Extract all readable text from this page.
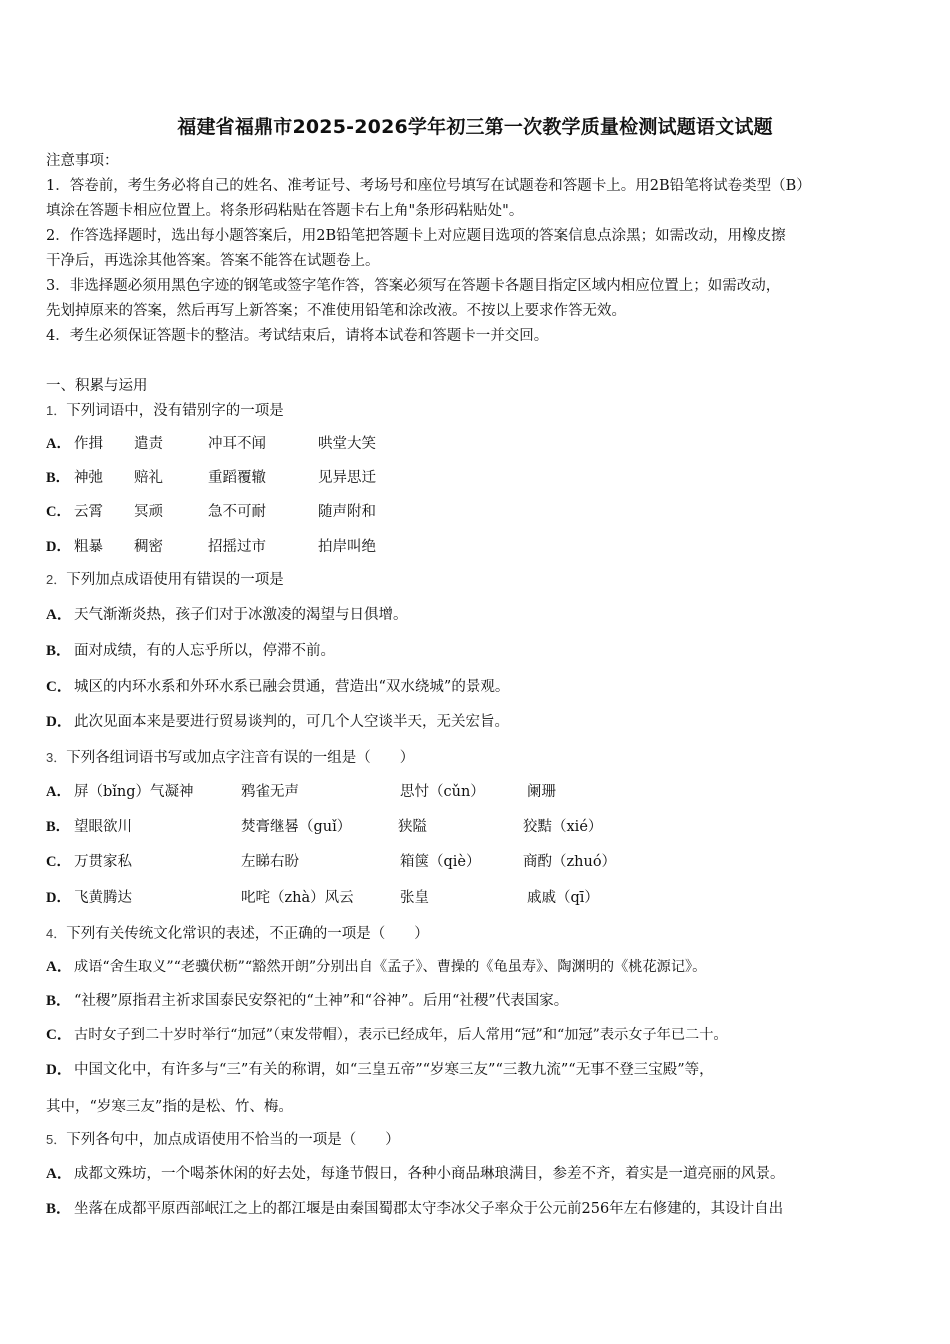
福建省福鼎市2025-2026学年初三第一次教学质量检测试题语文试题
注意事项：
1．答卷前，考生务必将自己的姓名、准考证号、考场号和座位号填写在试题卷和答题卡上。用2B铅笔将试卷类型（B）
填涂在答题卡相应位置上。将条形码粘贴在答题卡右上角"条形码粘贴处"。
2．作答选择题时，选出每小题答案后，用2B铅笔把答题卡上对应题目选项的答案信息点涂黑；如需改动，用橡皮擦
干净后，再选涂其他答案。答案不能答在试题卷上。
3．非选择题必须用黑色字迹的钢笔或签字笔作答，答案必须写在答题卡各题目指定区域内相应位置上；如需改动，
先划掉原来的答案，然后再写上新答案；不准使用铅笔和涂改液。不按以上要求作答无效。
4．考生必须保证答题卡的整洁。考试结束后，请将本试卷和答题卡一并交回。
一、积累与运用
1．下列词语中，没有错别字的一项是
A． 作揖 遣责	冲耳不闻	哄堂大笑
B． 神弛 赔礼	重蹈覆辙	见异思迁
C． 云霄 冥顽	急不可耐	随声附和
D． 粗暴 稠密	招摇过市	拍岸叫绝
2．下列加点成语使用有错误的一项是
A． 天气渐渐炎热，孩子们对于冰激凌的渴望与日俱增。
B． 面对成绩，有的人忘乎所以，停滞不前。
C． 城区的内环水系和外环水系已融会贯通，营造出“双水绕城”的景观。
D． 此次见面本来是要进行贸易谈判的，可几个人空谈半天，无关宏旨。
3．下列各组词语书写或加点字注音有误的一组是（　　）
A． 屏（bǐng）气凝神	鸦雀无声	思忖（cǔn）	阑珊
B． 望眼欲川	焚膏继晷（guǐ）	狭隘	狡黠（xié）
C． 万贯家私	左睇右盼	箱箧（qiè）	商酌（zhuó）
D． 飞黄腾达	叱咤（zhà）风云	张皇	戚戚（qī）
4．下列有关传统文化常识的表述，不正确的一项是（　　）
A． 成语“舍生取义”“老骥伏枥”“豁然开朗”分别出自《孟子》、曹操的《龟虽寿》、陶渊明的《桃花源记》。
B． “社稷”原指君主祈求国泰民安祭祀的“土神”和“谷神”。后用“社稷”代表国家。
C． 古时女子到二十岁时举行“加冠”（束发带帽），表示已经成年，后人常用“冠”和“加冠”表示女子年已二十。
D． 中国文化中，有许多与“三”有关的称谓，如“三皇五帝”“岁寒三友”“三教九流”“无事不登三宝殿”等，
其中，“岁寒三友”指的是松、竹、梅。
5．下列各句中，加点成语使用不恰当的一项是（　　）
A． 成都文殊坊，一个喝茶休闲的好去处，每逢节假日，各种小商品琳琅满目，参差不齐，着实是一道亮丽的风景。
B． 坐落在成都平原西部岷江之上的都江堰是由秦国蜀郡太守李冰父子率众于公元前256年左右修建的，其设计自出
